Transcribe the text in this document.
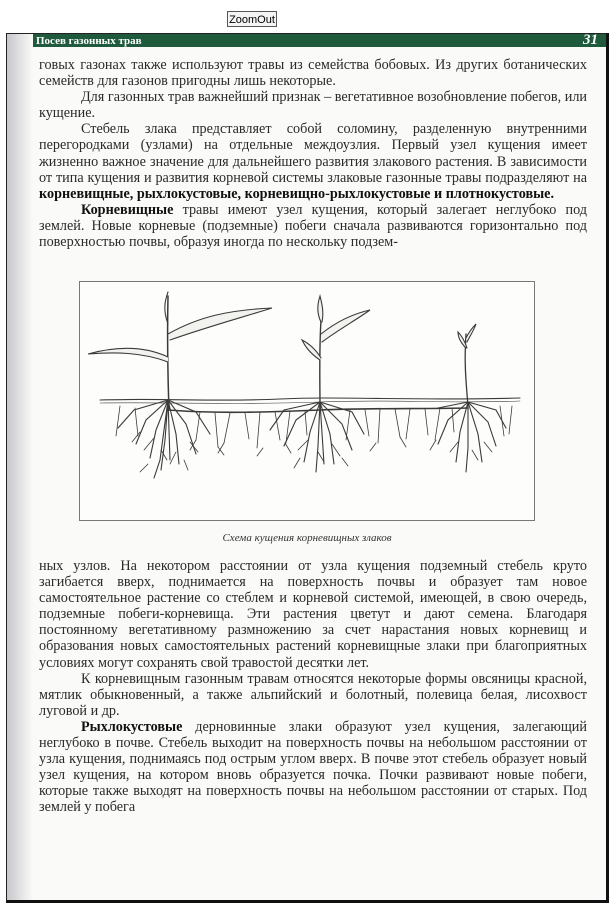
ZoomOut
Посев газонных трав	31

говых газонах также используют травы из семейства бобовых. Из других ботанических семейств для газонов пригодны лишь некоторые.

Для газонных трав важнейший признак – вегетативное возобновление побегов, или кущение.

Стебель злака представляет собой соломину, разделенную внутренними перегородками (узлами) на отдельные междоузлия. Первый узел кущения имеет жизненно важное значение для дальнейшего развития злакового растения. В зависимости от типа кущения и развития корневой системы злаковые газонные травы подразделяют на корневищные, рыхлокустовые, корневищно-рыхлокустовые и плотнокустовые.

Корневищные травы имеют узел кущения, который залегает неглубоко под землей. Новые корневые (подземные) побеги сначала развиваются горизонтально под поверхностью почвы, образуя иногда по нескольку подзем-

Схема кущения корневищных злаков

ных узлов. На некотором расстоянии от узла кущения подземный стебель круто загибается вверх, поднимается на поверхность почвы и образует там новое самостоятельное растение со стеблем и корневой системой, имеющей, в свою очередь, подземные побеги-корневища. Эти растения цветут и дают семена. Благодаря постоянному вегетативному размножению за счет нарастания новых корневищ и образования новых самостоятельных растений корневищные злаки при благоприятных условиях могут сохранять свой травостой десятки лет.

К корневищным газонным травам относятся некоторые формы овсяницы красной, мятлик обыкновенный, а также альпийский и болотный, полевица белая, лисохвост луговой и др.

Рыхлокустовые дерновинные злаки образуют узел кущения, залегающий неглубоко в почве. Стебель выходит на поверхность почвы на небольшом расстоянии от узла кущения, поднимаясь под острым углом вверх. В почве этот стебель образует новый узел кущения, на котором вновь образуется почка. Почки развивают новые побеги, которые также выходят на поверхность почвы на небольшом расстоянии от старых. Под землей у побега
